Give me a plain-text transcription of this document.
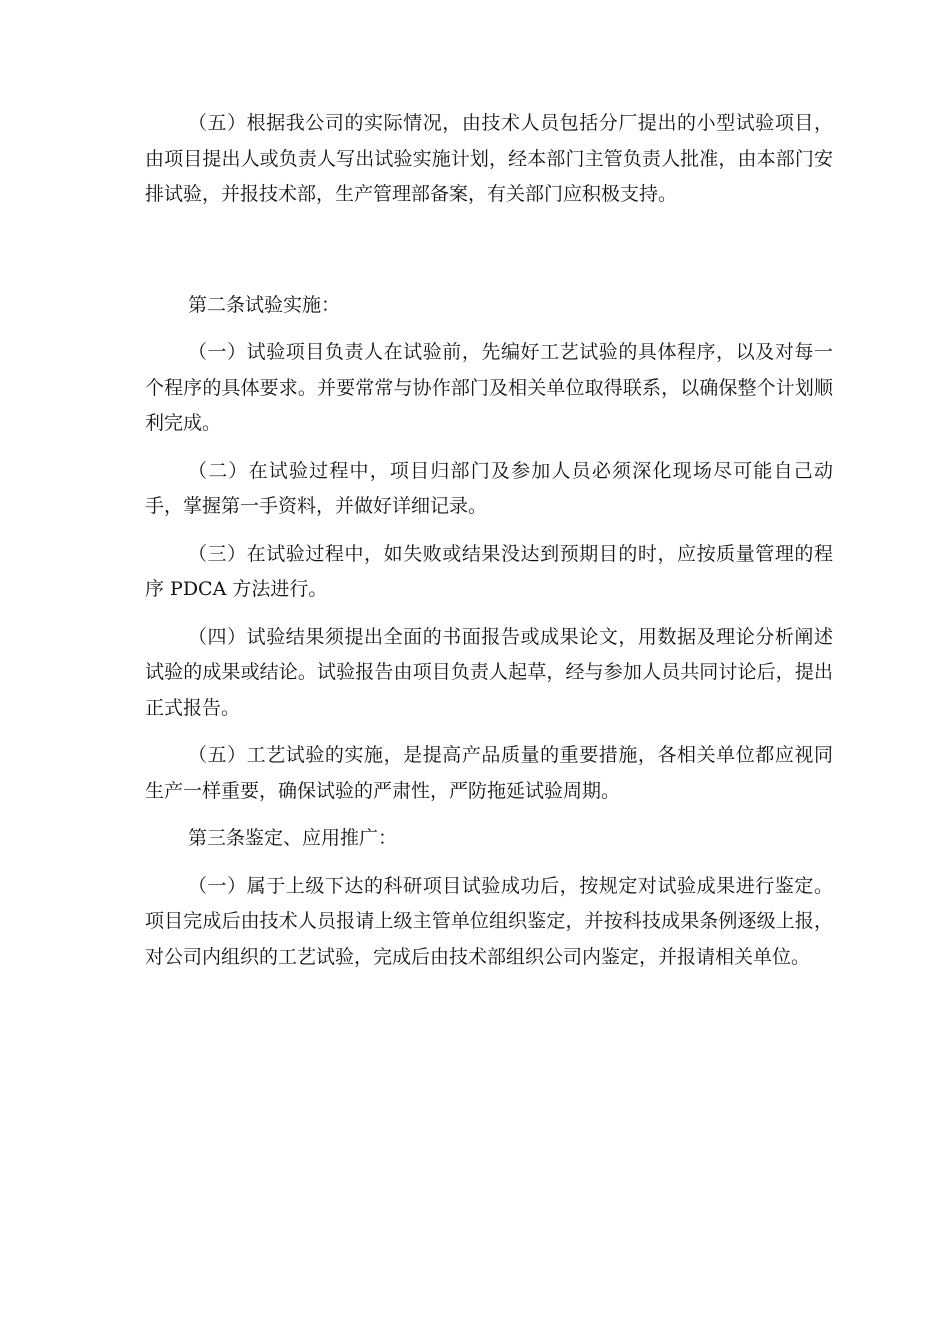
（五）根据我公司的实际情况，由技术人员包括分厂提出的小型试验项目，由项目提出人或负责人写出试验实施计划，经本部门主管负责人批准，由本部门安排试验，并报技术部，生产管理部备案，有关部门应积极支持。

第二条试验实施：

（一）试验项目负责人在试验前，先编好工艺试验的具体程序，以及对每一个程序的具体要求。并要常常与协作部门及相关单位取得联系，以确保整个计划顺利完成。

（二）在试验过程中，项目归部门及参加人员必须深化现场尽可能自己动手，掌握第一手资料，并做好详细记录。

（三）在试验过程中，如失败或结果没达到预期目的时，应按质量管理的程序 PDCA 方法进行。

（四）试验结果须提出全面的书面报告或成果论文，用数据及理论分析阐述试验的成果或结论。试验报告由项目负责人起草，经与参加人员共同讨论后，提出正式报告。

（五）工艺试验的实施，是提高产品质量的重要措施，各相关单位都应视同生产一样重要，确保试验的严肃性，严防拖延试验周期。

第三条鉴定、应用推广：

（一）属于上级下达的科研项目试验成功后，按规定对试验成果进行鉴定。项目完成后由技术人员报请上级主管单位组织鉴定，并按科技成果条例逐级上报，对公司内组织的工艺试验，完成后由技术部组织公司内鉴定，并报请相关单位。
